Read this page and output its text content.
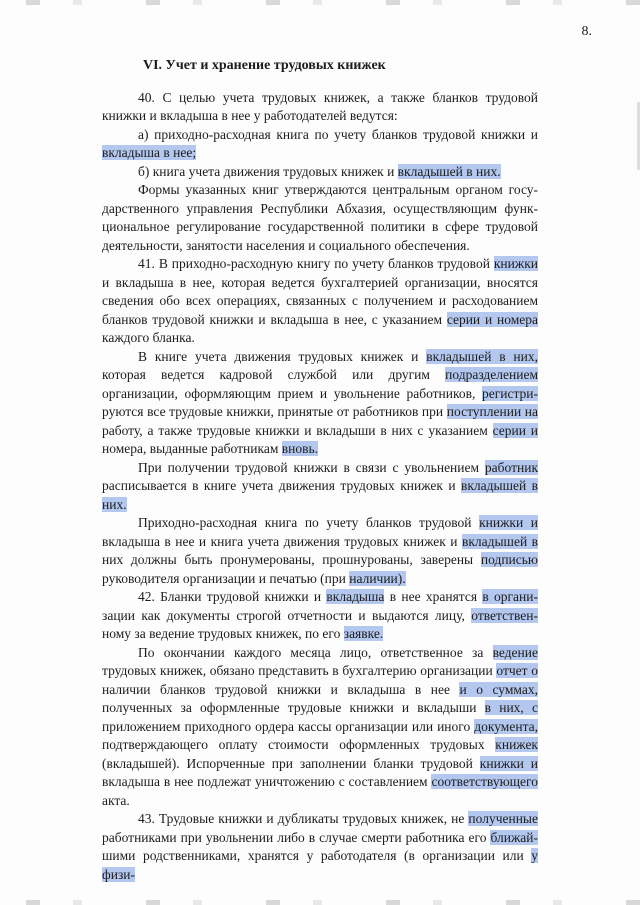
8.
VI. Учет и хранение трудовых книжек
40. С целью учета трудовых книжек, а также бланков трудовой
книжки и вкладыша в нее у работодателей ведутся:
а) приходно-расходная книга по учету бланков трудовой книжки и
вкладыша в нее;
б) книга учета движения трудовых книжек и вкладышей в них.
Формы указанных книг утверждаются центральным органом госу-
дарственного управления Республики Абхазия, осуществляющим функ-
циональное регулирование государственной политики в сфере трудовой
деятельности, занятости населения и социального обеспечения.
41. В приходно-расходную книгу по учету бланков трудовой книжки
и вкладыша в нее, которая ведется бухгалтерией организации, вносятся
сведения обо всех операциях, связанных с получением и расходованием
бланков трудовой книжки и вкладыша в нее, с указанием серии и номера
каждого бланка.
В книге учета движения трудовых книжек и вкладышей в них,
которая ведется кадровой службой или другим подразделением
организации, оформляющим прием и увольнение работников, регистри-
руются все трудовые книжки, принятые от работников при поступлении на
работу, а также трудовые книжки и вкладыши в них с указанием серии и
номера, выданные работникам вновь.
При получении трудовой книжки в связи с увольнением работник
расписывается в книге учета движения трудовых книжек и вкладышей в
них.
Приходно-расходная книга по учету бланков трудовой книжки и
вкладыша в нее и книга учета движения трудовых книжек и вкладышей в
них должны быть пронумерованы, прошнурованы, заверены подписью
руководителя организации и печатью (при наличии).
42. Бланки трудовой книжки и вкладыша в нее хранятся в органи-
зации как документы строгой отчетности и выдаются лицу, ответствен-
ному за ведение трудовых книжек, по его заявке.
По окончании каждого месяца лицо, ответственное за ведение
трудовых книжек, обязано представить в бухгалтерию организации отчет о
наличии бланков трудовой книжки и вкладыша в нее и о суммах,
полученных за оформленные трудовые книжки и вкладыши в них, с
приложением приходного ордера кассы организации или иного документа,
подтверждающего оплату стоимости оформленных трудовых книжек
(вкладышей). Испорченные при заполнении бланки трудовой книжки и
вкладыша в нее подлежат уничтожению с составлением соответствующего
акта.
43. Трудовые книжки и дубликаты трудовых книжек, не полученные
работниками при увольнении либо в случае смерти работника его ближай-
шими родственниками, хранятся у работодателя (в организации или у физи-
